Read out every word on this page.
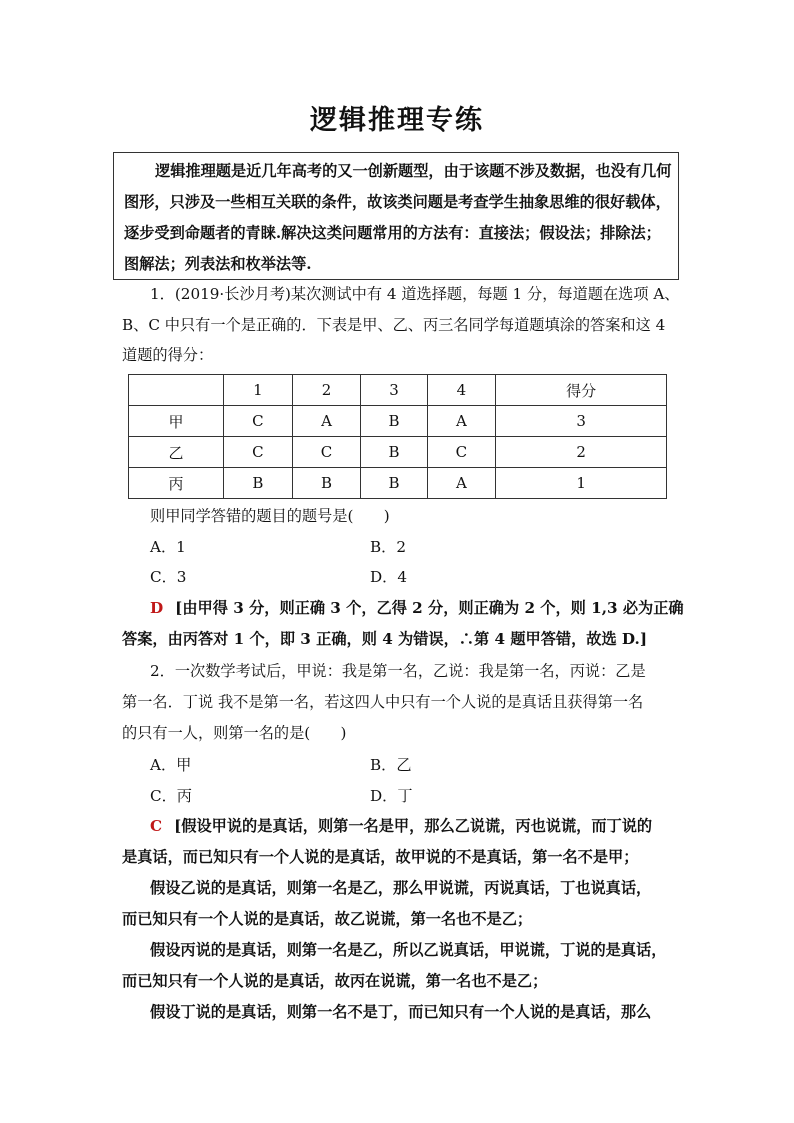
逻辑推理专练
逻辑推理题是近几年高考的又一创新题型，由于该题不涉及数据，也没有几何图形，只涉及一些相互关联的条件，故该类问题是考查学生抽象思维的很好载体，逐步受到命题者的青睐.解决这类问题常用的方法有：直接法；假设法；排除法；图解法；列表法和枚举法等.
1．(2019·长沙月考)某次测试中有 4 道选择题，每题 1 分，每道题在选项 A、
B、C 中只有一个是正确的．下表是甲、乙、丙三名同学每道题填涂的答案和这 4
道题的得分：
	1	2	3	4	得分
甲	C	A	B	A	3
乙	C	C	B	C	2
丙	B	B	B	A	1
则甲同学答错的题目的题号是(　　)
A．1	B．2
C．3	D．4
D [由甲得 3 分，则正确 3 个，乙得 2 分，则正确为 2 个，则 1,3 必为正确
答案，由丙答对 1 个，即 3 正确，则 4 为错误，∴第 4 题甲答错，故选 D.]
2．一次数学考试后，甲说：我是第一名，乙说：我是第一名，丙说：乙是
第一名．丁说 我不是第一名，若这四人中只有一个人说的是真话且获得第一名
的只有一人，则第一名的是(　　)
A．甲	B．乙
C．丙	D．丁
C [假设甲说的是真话，则第一名是甲，那么乙说谎，丙也说谎，而丁说的
是真话，而已知只有一个人说的是真话，故甲说的不是真话，第一名不是甲；
假设乙说的是真话，则第一名是乙，那么甲说谎，丙说真话，丁也说真话，
而已知只有一个人说的是真话，故乙说谎，第一名也不是乙；
假设丙说的是真话，则第一名是乙，所以乙说真话，甲说谎，丁说的是真话，
而已知只有一个人说的是真话，故丙在说谎，第一名也不是乙；
假设丁说的是真话，则第一名不是丁，而已知只有一个人说的是真话，那么
